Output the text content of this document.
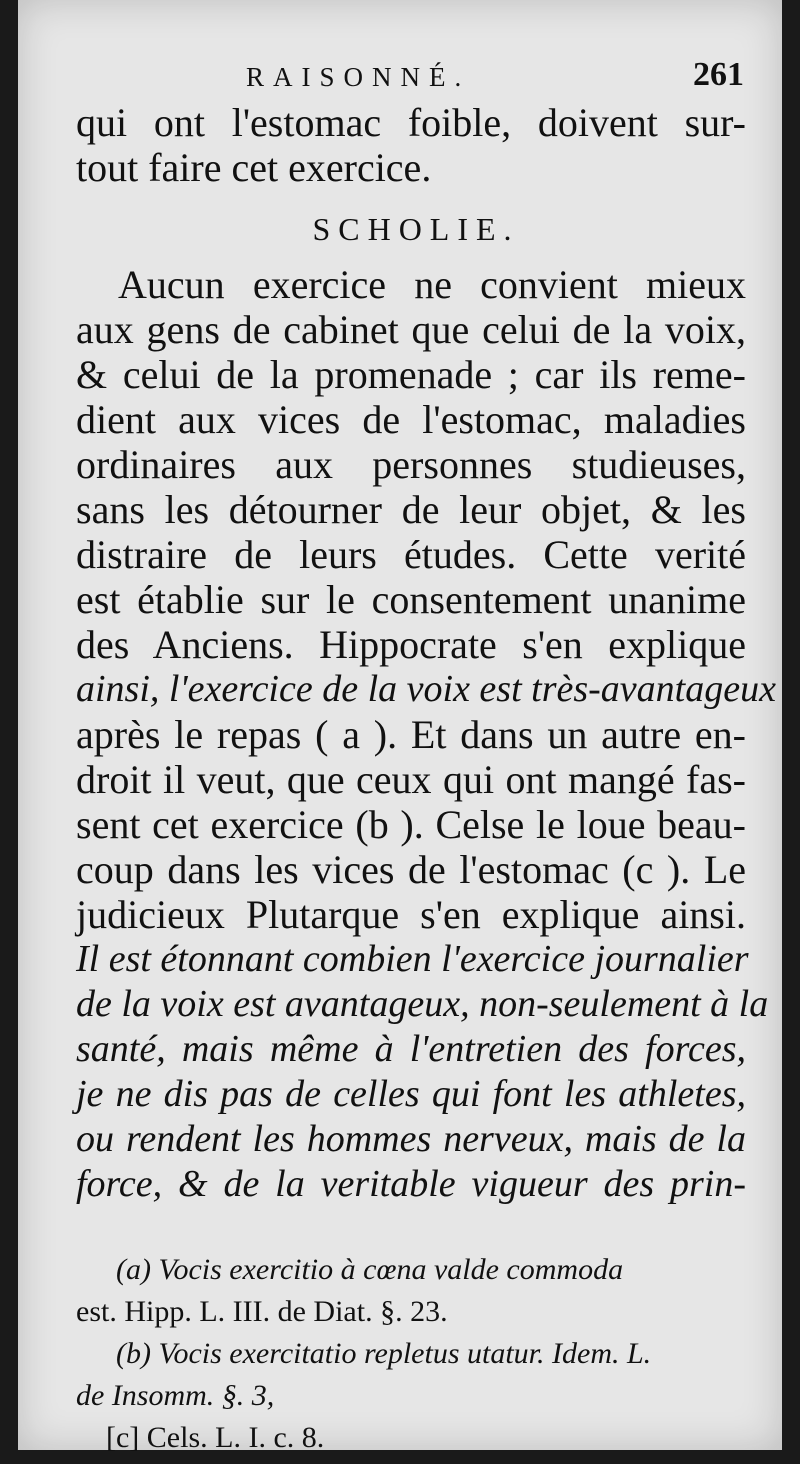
RAISONNÉ.	261
qui ont l'estomac foible, doivent sur-
tout faire cet exercice.
SCHOLIE.
Aucun exercice ne convient mieux
aux gens de cabinet que celui de la voix,
& celui de la promenade ; car ils reme-
dient aux vices de l'estomac, maladies
ordinaires aux personnes studieuses,
sans les détourner de leur objet, & les
distraire de leurs études. Cette verité
est établie sur le consentement unanime
des Anciens. Hippocrate s'en explique
ainsi, l'exercice de la voix est très-avantageux
après le repas ( a ). Et dans un autre en-
droit il veut, que ceux qui ont mangé fas-
sent cet exercice (b ). Celse le loue beau-
coup dans les vices de l'estomac (c ). Le
judicieux Plutarque s'en explique ainsi.
Il est étonnant combien l'exercice journalier
de la voix est avantageux, non-seulement à la
santé, mais même à l'entretien des forces,
je ne dis pas de celles qui font les athletes,
ou rendent les hommes nerveux, mais de la
force, & de la veritable vigueur des prin-
(a) Vocis exercitio à cœna valde commoda
est. Hipp. L. III. de Diat. §. 23.
(b) Vocis exercitatio repletus utatur. Idem. L.
de Insomm. §. 3,
[c] Cels. L. I. c. 8.
